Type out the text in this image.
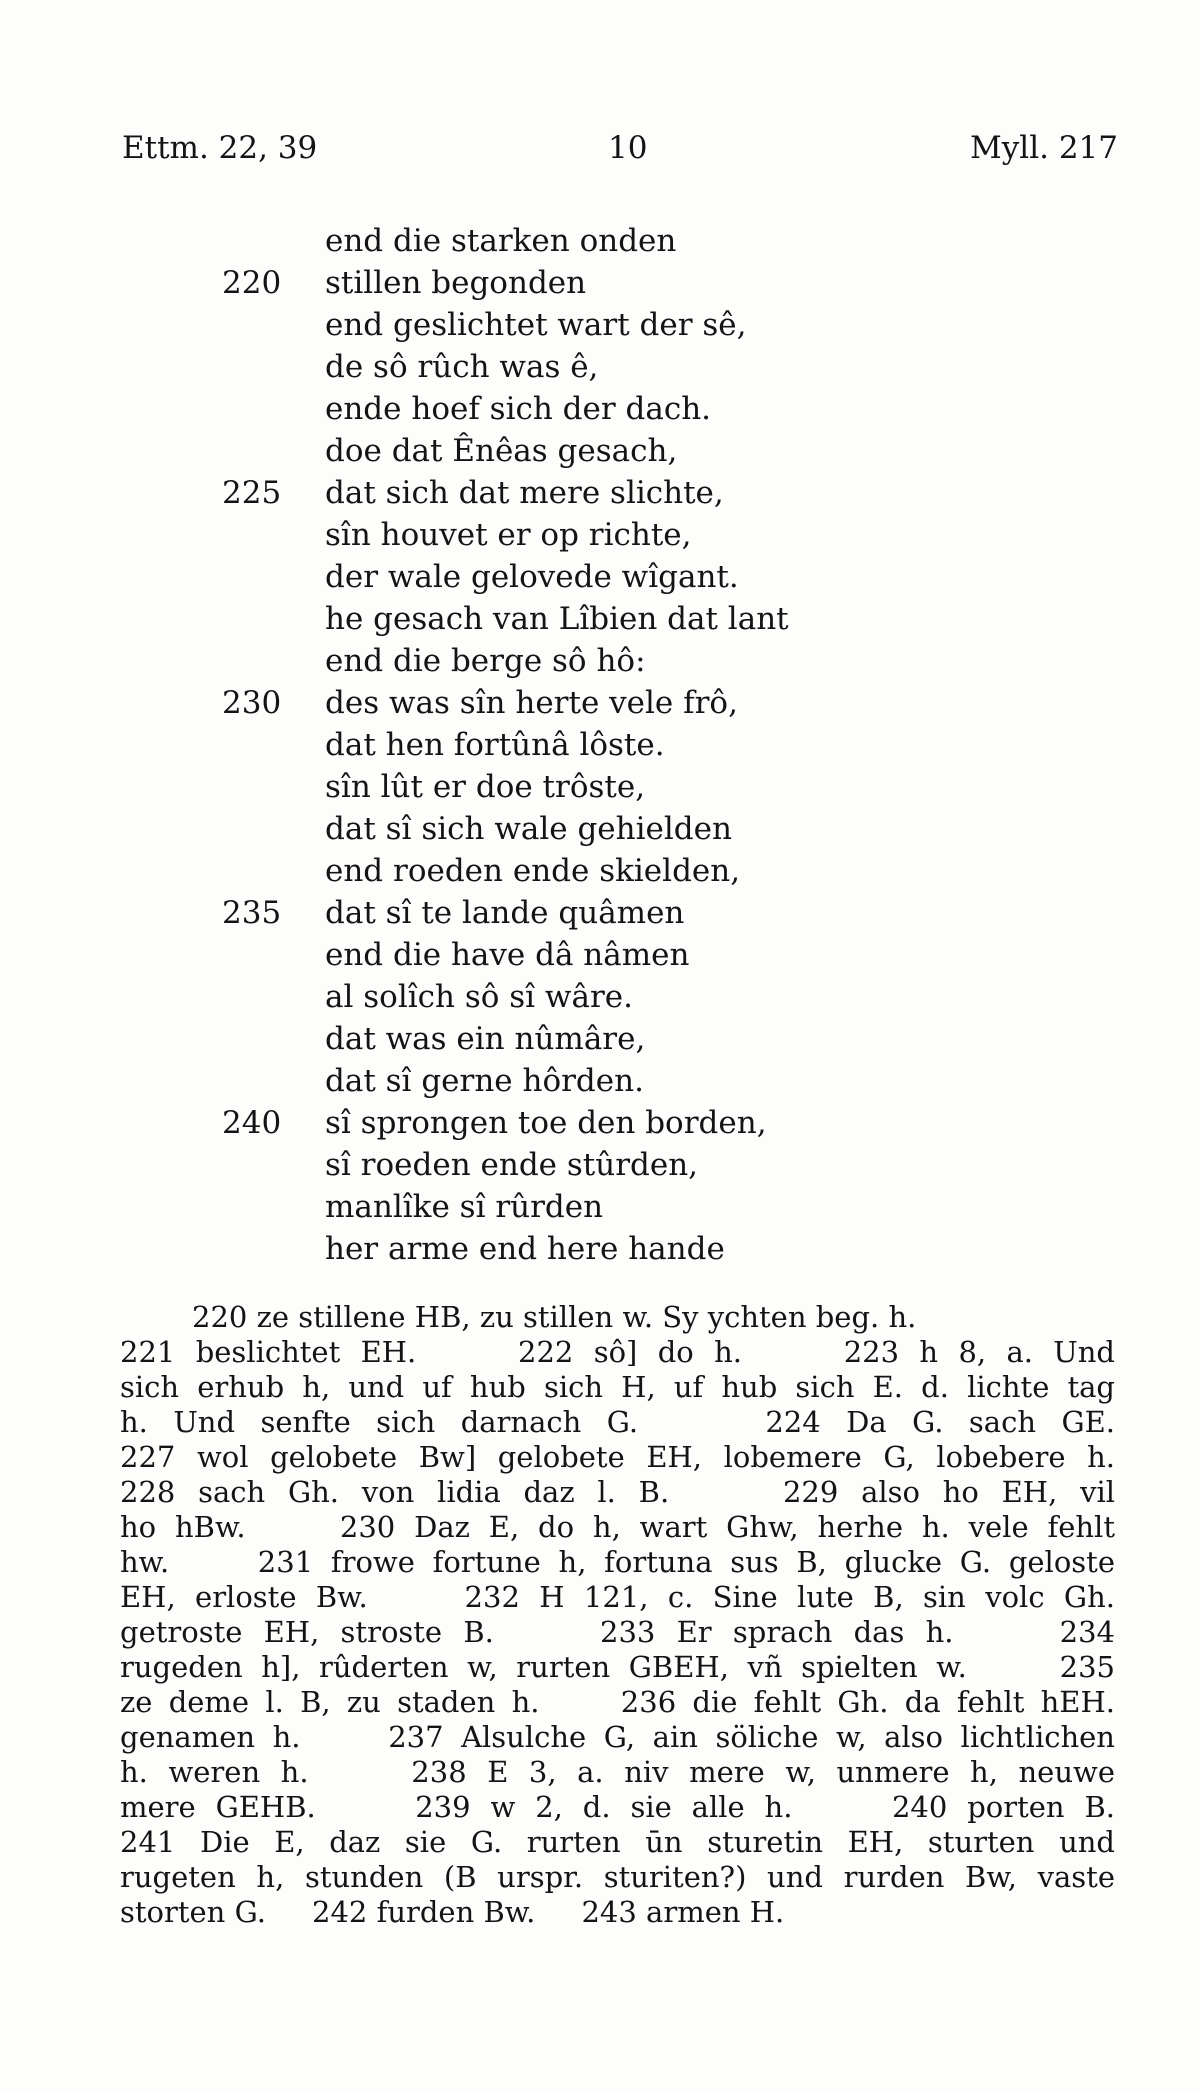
Ettm. 22, 39	10	Myll. 217
end die starken onden
220 stillen begonden
end geslichtet wart der sê,
de sô rûch was ê,
ende hoef sich der dach.
doe dat Ênêas gesach,
225 dat sich dat mere slichte,
sîn houvet er op richte,
der wale gelovede wîgant.
he gesach van Lîbien dat lant
end die berge sô hô:
230 des was sîn herte vele frô,
dat hen fortûnâ lôste.
sîn lût er doe trôste,
dat sî sich wale gehielden
end roeden ende skielden,
235 dat sî te lande quâmen
end die have dâ nâmen
al solîch sô sî wâre.
dat was ein nûmâre,
dat sî gerne hôrden.
240 sî sprongen toe den borden,
sî roeden ende stûrden,
manlîke sî rûrden
her arme end here hande
220 ze stillene HB, zu stillen w. Sy ychten beg. h.
221 beslichtet EH.     222 sô] do h.     223 h 8, a. Und
sich erhub h, und uf hub sich H, uf hub sich E. d. lichte tag
h. Und senfte sich darnach G.     224 Da G. sach GE.
227 wol gelobete Bw] gelobete EH, lobemere G, lobebere h.
228 sach Gh. von lidia daz l. B.     229 also ho EH, vil
ho hBw.     230 Daz E, do h, wart Ghw, herhe h. vele fehlt
hw.     231 frowe fortune h, fortuna sus B, glucke G. geloste
EH, erloste Bw.     232 H 121, c. Sine lute B, sin volc Gh.
getroste EH, stroste B.     233 Er sprach das h.     234
rugeden h], rûderten w, rurten GBEH, vñ spielten w.     235
ze deme l. B, zu staden h.     236 die fehlt Gh. da fehlt hEH.
genamen h.     237 Alsulche G, ain söliche w, also lichtlichen
h. weren h.     238 E 3, a. niv mere w, unmere h, neuwe
mere GEHB.     239 w 2, d. sie alle h.     240 porten B.
241 Die E, daz sie G. rurten ūn sturetin EH, sturten und
rugeten h, stunden (B urspr. sturiten?) und rurden Bw, vaste
storten G.     242 furden Bw.     243 armen H.
